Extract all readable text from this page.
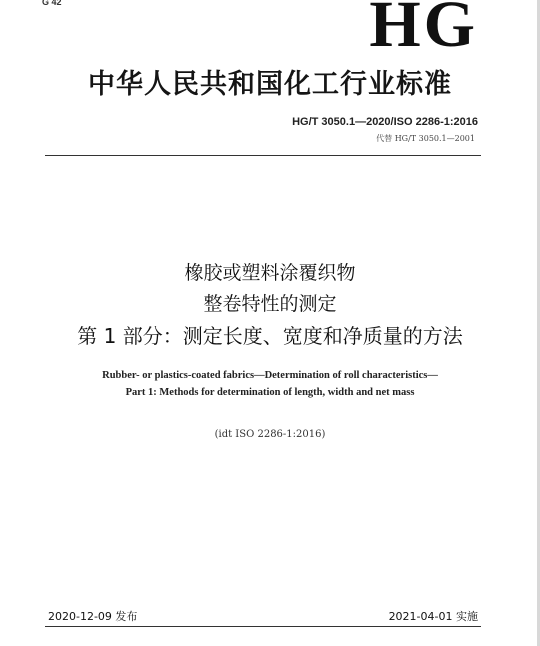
G 42	HG
中华人民共和国化工行业标准
HG/T 3050.1—2020/ISO 2286-1:2016
代替 HG/T 3050.1—2001
橡胶或塑料涂覆织物
整卷特性的测定
第 1 部分：测定长度、宽度和净质量的方法
Rubber- or plastics-coated fabrics—Determination of roll characteristics—
Part 1: Methods for determination of length, width and net mass
(idt ISO 2286-1:2016)
2020-12-09 发布	2021-04-01 实施
